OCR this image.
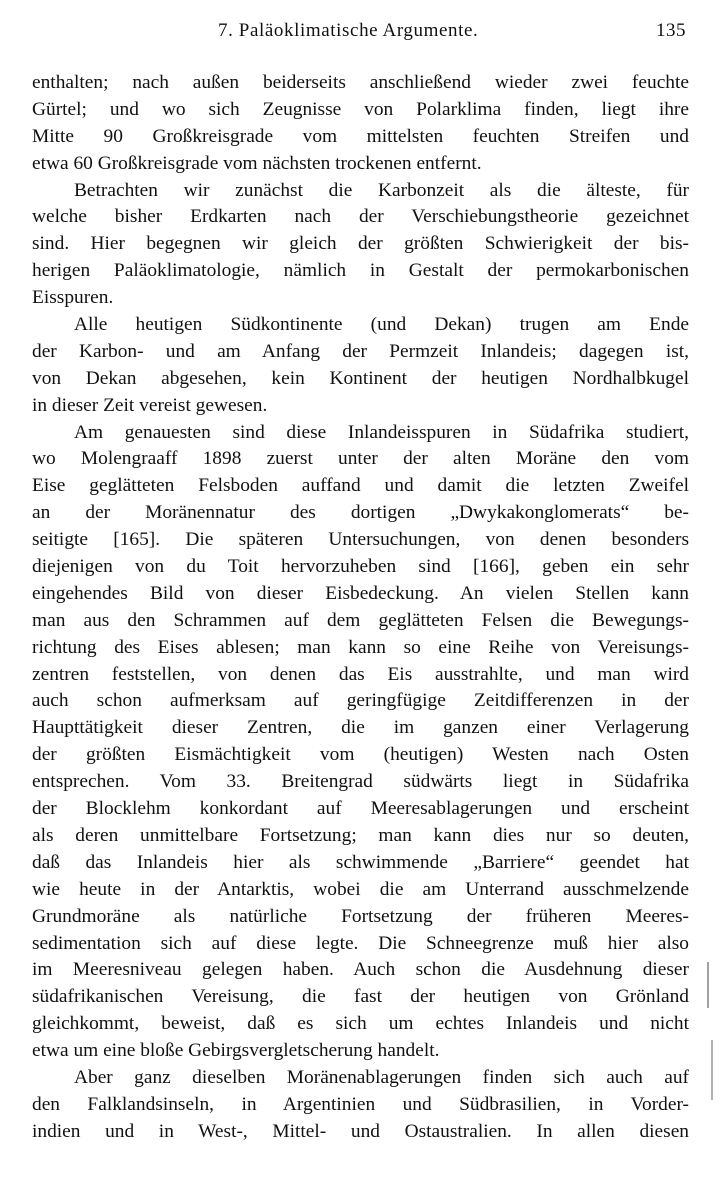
7. Paläoklimatische Argumente.	135
enthalten; nach außen beiderseits anschließend wieder zwei feuchte
Gürtel; und wo sich Zeugnisse von Polarklima finden, liegt ihre
Mitte 90 Großkreisgrade vom mittelsten feuchten Streifen und
etwa 60 Großkreisgrade vom nächsten trockenen entfernt.
Betrachten wir zunächst die Karbonzeit als die älteste, für
welche bisher Erdkarten nach der Verschiebungstheorie gezeichnet
sind. Hier begegnen wir gleich der größten Schwierigkeit der bis-
herigen Paläoklimatologie, nämlich in Gestalt der permokarbonischen
Eisspuren.
Alle heutigen Südkontinente (und Dekan) trugen am Ende
der Karbon- und am Anfang der Permzeit Inlandeis; dagegen ist,
von Dekan abgesehen, kein Kontinent der heutigen Nordhalbkugel
in dieser Zeit vereist gewesen.
Am genauesten sind diese Inlandeisspuren in Südafrika studiert,
wo Molengraaff 1898 zuerst unter der alten Moräne den vom
Eise geglätteten Felsboden auffand und damit die letzten Zweifel
an der Moränennatur des dortigen „Dwykakonglomerats“ be-
seitigte [165]. Die späteren Untersuchungen, von denen besonders
diejenigen von du Toit hervorzuheben sind [166], geben ein sehr
eingehendes Bild von dieser Eisbedeckung. An vielen Stellen kann
man aus den Schrammen auf dem geglätteten Felsen die Bewegungs-
richtung des Eises ablesen; man kann so eine Reihe von Vereisungs-
zentren feststellen, von denen das Eis ausstrahlte, und man wird
auch schon aufmerksam auf geringfügige Zeitdifferenzen in der
Haupttätigkeit dieser Zentren, die im ganzen einer Verlagerung
der größten Eismächtigkeit vom (heutigen) Westen nach Osten
entsprechen. Vom 33. Breitengrad südwärts liegt in Südafrika
der Blocklehm konkordant auf Meeresablagerungen und erscheint
als deren unmittelbare Fortsetzung; man kann dies nur so deuten,
daß das Inlandeis hier als schwimmende „Barriere“ geendet hat
wie heute in der Antarktis, wobei die am Unterrand ausschmelzende
Grundmoräne als natürliche Fortsetzung der früheren Meeres-
sedimentation sich auf diese legte. Die Schneegrenze muß hier also
im Meeresniveau gelegen haben. Auch schon die Ausdehnung dieser
südafrikanischen Vereisung, die fast der heutigen von Grönland
gleichkommt, beweist, daß es sich um echtes Inlandeis und nicht
etwa um eine bloße Gebirgsvergletscherung handelt.
Aber ganz dieselben Moränenablagerungen finden sich auch auf
den Falklandsinseln, in Argentinien und Südbrasilien, in Vorder-
indien und in West-, Mittel- und Ostaustralien. In allen diesen
